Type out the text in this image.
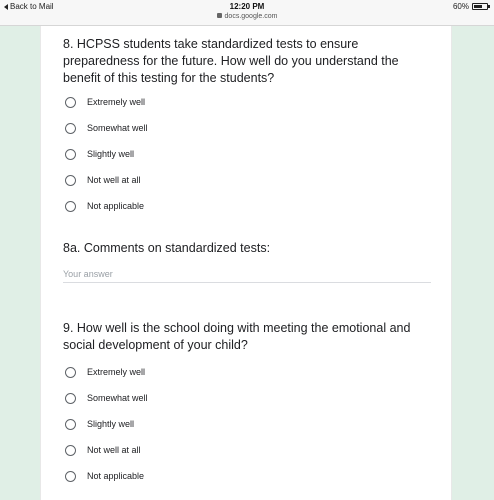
Back to Mail	12:20 PM
docs.google.com
60%
8. HCPSS students take standardized tests to ensure preparedness for the future. How well do you understand the benefit of this testing for the students?
Extremely well
Somewhat well
Slightly well
Not well at all
Not applicable
8a. Comments on standardized tests:
Your answer
9. How well is the school doing with meeting the emotional and social development of your child?
Extremely well
Somewhat well
Slightly well
Not well at all
Not applicable
